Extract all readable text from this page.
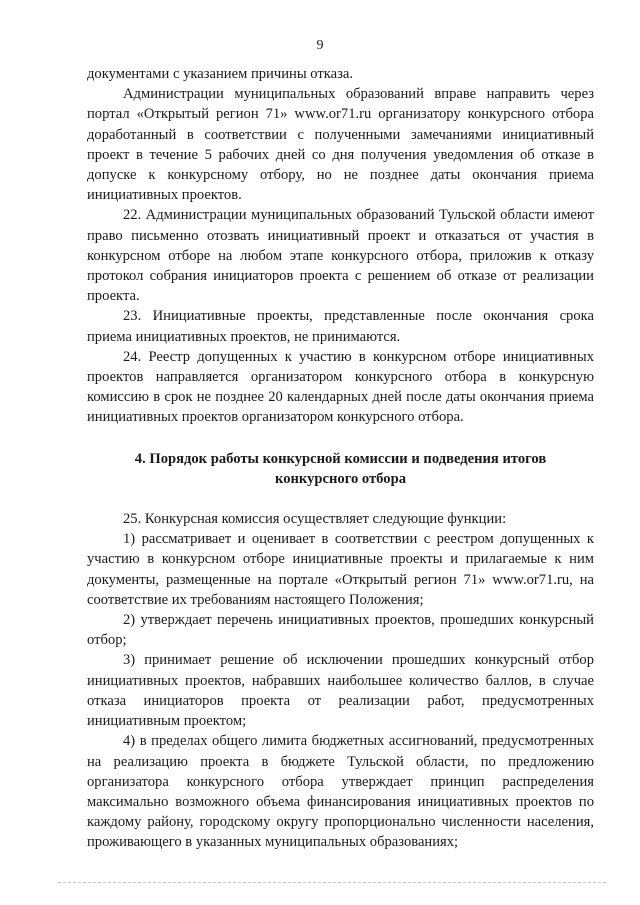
9

документами с указанием причины отказа.

Администрации муниципальных образований вправе направить через портал «Открытый регион 71» www.or71.ru организатору конкурсного отбора доработанный в соответствии с полученными замечаниями инициативный проект в течение 5 рабочих дней со дня получения уведомления об отказе в допуске к конкурсному отбору, но не позднее даты окончания приема инициативных проектов.

22. Администрации муниципальных образований Тульской области имеют право письменно отозвать инициативный проект и отказаться от участия в конкурсном отборе на любом этапе конкурсного отбора, приложив к отказу протокол собрания инициаторов проекта с решением об отказе от реализации проекта.

23. Инициативные проекты, представленные после окончания срока приема инициативных проектов, не принимаются.

24. Реестр допущенных к участию в конкурсном отборе инициативных проектов направляется организатором конкурсного отбора в конкурсную комиссию в срок не позднее 20 календарных дней после даты окончания приема инициативных проектов организатором конкурсного отбора.

4. Порядок работы конкурсной комиссии и подведения итогов конкурсного отбора

25. Конкурсная комиссия осуществляет следующие функции:

1) рассматривает и оценивает в соответствии с реестром допущенных к участию в конкурсном отборе инициативные проекты и прилагаемые к ним документы, размещенные на портале «Открытый регион 71» www.or71.ru, на соответствие их требованиям настоящего Положения;

2) утверждает перечень инициативных проектов, прошедших конкурсный отбор;

3) принимает решение об исключении прошедших конкурсный отбор инициативных проектов, набравших наибольшее количество баллов, в случае отказа инициаторов проекта от реализации работ, предусмотренных инициативным проектом;

4) в пределах общего лимита бюджетных ассигнований, предусмотренных на реализацию проекта в бюджете Тульской области, по предложению организатора конкурсного отбора утверждает принцип распределения максимально возможного объема финансирования инициативных проектов по каждому району, городскому округу пропорционально численности населения, проживающего в указанных муниципальных образованиях;
